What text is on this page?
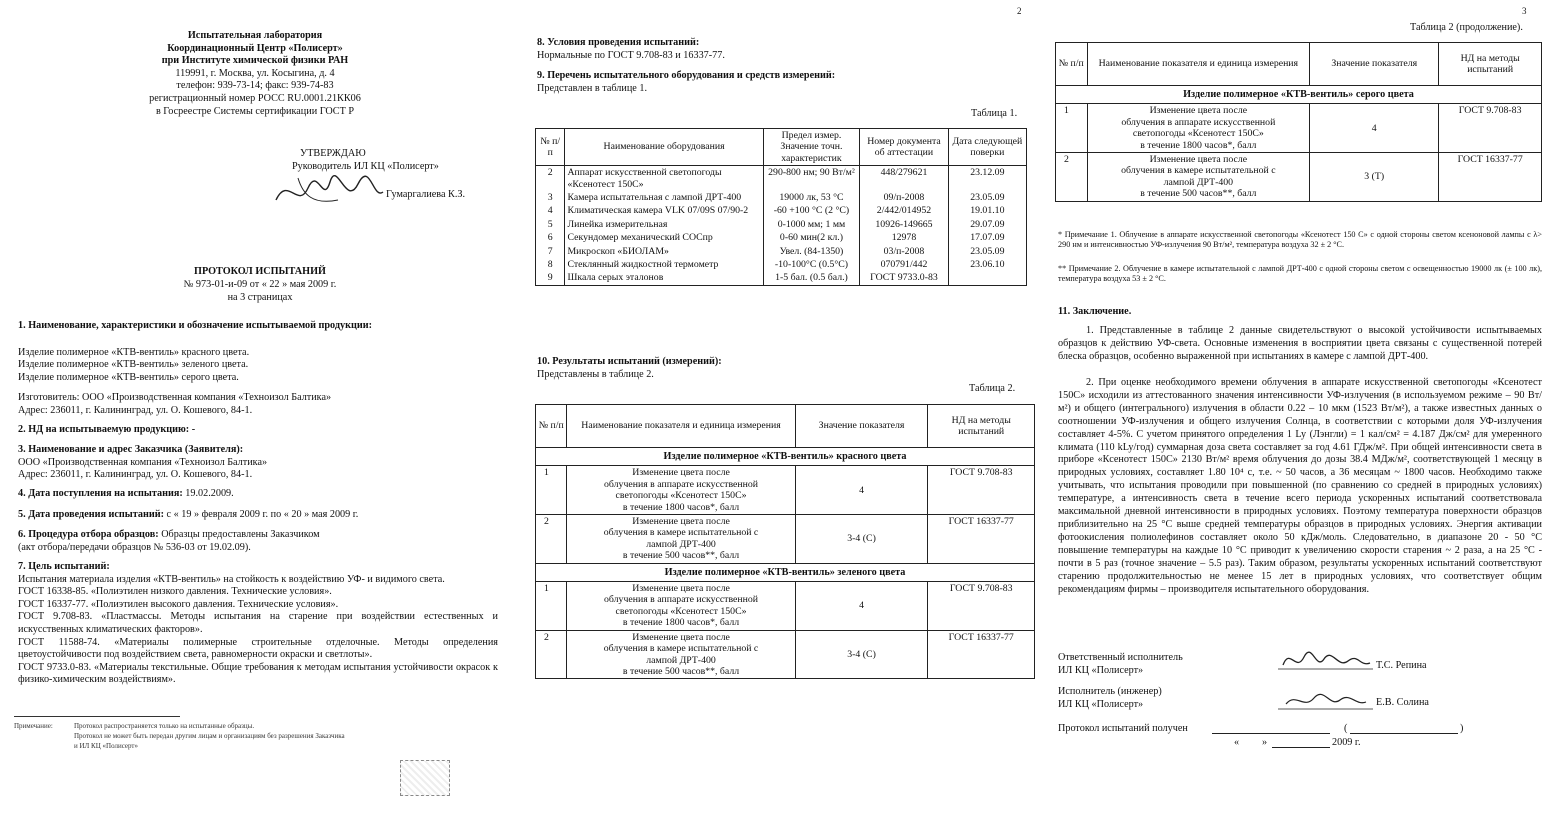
Испытательная лаборатория
Координационный Центр «Полисерт»
при Институте химической физики РАН
119991, г. Москва, ул. Косыгина, д. 4
телефон: 939-73-14; факс: 939-74-83
регистрационный номер РОСС RU.0001.21КК06
в Госреестре Системы сертификации ГОСТ Р
УТВЕРЖДАЮ
Руководитель ИЛ КЦ «Полисерт»
Гумаргалиева К.З.
ПРОТОКОЛ ИСПЫТАНИЙ
№ 973-01-и-09 от « 22 » мая 2009 г.
на 3 страницах
1. Наименование, характеристики и обозначение испытываемой продукции:
Изделие полимерное «КТВ-вентиль» красного цвета.
Изделие полимерное «КТВ-вентиль» зеленого цвета.
Изделие полимерное «КТВ-вентиль» серого цвета.
Изготовитель: ООО «Производственная компания «Техноизол Балтика»
Адрес: 236011, г. Калининград, ул. О. Кошевого, 84-1.
2. НД на испытываемую продукцию: -
3. Наименование и адрес Заказчика (Заявителя):
ООО «Производственная компания «Техноизол Балтика»
Адрес: 236011, г. Калининград, ул. О. Кошевого, 84-1.
4. Дата поступления на испытания: 19.02.2009.
5. Дата проведения испытаний: с « 19 » февраля 2009 г. по « 20 » мая 2009 г.
6. Процедура отбора образцов: Образцы предоставлены Заказчиком
(акт отбора/передачи образцов № 536-03 от 19.02.09).
7. Цель испытаний:
Испытания материала изделия «КТВ-вентиль» на стойкость к воздействию УФ- и видимого света.
ГОСТ 16338-85. «Полиэтилен низкого давления. Технические условия».
ГОСТ 16337-77. «Полиэтилен высокого давления. Технические условия».
ГОСТ 9.708-83. «Пластмассы. Методы испытания на старение при воздействии естественных и искусственных климатических факторов».
ГОСТ 11588-74. «Материалы полимерные строительные отделочные. Методы определения цветоустойчивости под воздействием света, равномерности окраски и светлоты».
ГОСТ 9733.0-83. «Материалы текстильные. Общие требования к методам испытания устойчивости окрасок к физико-химическим воздействиям».
Примечание:	Протокол распространяется только на испытанные образцы.
Протокол не может быть передан другим лицам и организациям без разрешения Заказчика
и ИЛ КЦ «Полисерт»
2
8. Условия проведения испытаний:
Нормальные по ГОСТ 9.708-83 и 16337-77.
9. Перечень испытательного оборудования и средств измерений:
Представлен в таблице 1.
Таблица 1.
№ п/п	Наименование оборудования	Предел измер. Значение точн. характеристик	Номер документа об аттестации	Дата следующей поверки
2	Аппарат искусственной светопогоды «Ксенотест 150С»	290-800 нм; 90 Вт/м²	448/279621	23.12.09
3	Камера испытательная с лампой ДРТ-400	19000 лк, 53 °С	09/п-2008	23.05.09
4	Климатическая камера VLK 07/09S 07/90-2	-60 +100 °С (2 °С)	2/442/014952	19.01.10
5	Линейка измерительная	0-1000 мм; 1 мм	10926-149665	29.07.09
6	Секундомер механический СОСпр	0-60 мин(2 кл.)	12978	17.07.09
7	Микроскоп «БИОЛАМ»	Увел. (84-1350)	03/п-2008	23.05.09
8	Стеклянный жидкостной термометр	-10-100°С (0.5°С)	070791/442	23.06.10
9	Шкала серых эталонов	1-5 бал. (0.5 бал.)	ГОСТ 9733.0-83	
10. Результаты испытаний (измерений):
Представлены в таблице 2.
Таблица 2.
№ п/п	Наименование показателя и единица измерения	Значение показателя	НД на методы испытаний
Изделие полимерное «КТВ-вентиль» красного цвета			
1	Изменение цвета после
облучения в аппарате искусственной
светопогоды «Ксенотест 150С»
в течение 1800 часов*, балл	4	ГОСТ 9.708-83
2	Изменение цвета после
облучения в камере испытательной с
лампой ДРТ-400
в течение 500 часов**, балл	3-4 (С)	ГОСТ 16337-77
Изделие полимерное «КТВ-вентиль» зеленого цвета			
1	Изменение цвета после
облучения в аппарате искусственной
светопогоды «Ксенотест 150С»
в течение 1800 часов*, балл	4	ГОСТ 9.708-83
2	Изменение цвета после
облучения в камере испытательной с
лампой ДРТ-400
в течение 500 часов**, балл	3-4 (С)	ГОСТ 16337-77
3
Таблица 2 (продолжение).
№ п/п	Наименование показателя и единица измерения	Значение показателя	НД на методы испытаний
Изделие полимерное «КТВ-вентиль» серого цвета			
1	Изменение цвета после
облучения в аппарате искусственной
светопогоды «Ксенотест 150С»
в течение 1800 часов*, балл	4	ГОСТ 9.708-83
2	Изменение цвета после
облучения в камере испытательной с
лампой ДРТ-400
в течение 500 часов**, балл	3 (Т)	ГОСТ 16337-77
* Примечание 1. Облучение в аппарате искусственной светопогоды «Ксенотест 150 С» с одной стороны светом ксеноновой лампы с λ> 290 нм и интенсивностью УФ-излучения 90 Вт/м², температура воздуха 32 ± 2 °С.
** Примечание 2. Облучение в камере испытательной с лампой ДРТ-400 с одной стороны светом с освещенностью 19000 лк (± 100 лк), температура воздуха 53 ± 2 °С.
11. Заключение.
1. Представленные в таблице 2 данные свидетельствуют о высокой устойчивости испытываемых образцов к действию УФ-света. Основные изменения в восприятии цвета связаны с существенной потерей блеска образцов, особенно выраженной при испытаниях в камере с лампой ДРТ-400.
2. При оценке необходимого времени облучения в аппарате искусственной светопогоды «Ксенотест 150С» исходили из аттестованного значения интенсивности УФ-излучения (в используемом режиме – 90 Вт/м²) и общего (интегрального) излучения в области 0.22 – 10 мкм (1523 Вт/м²), а также известных данных о соотношении УФ-излучения и общего излучения Солнца, в соответствии с которыми доля УФ-излучения составляет 4-5%. С учетом принятого определения 1 Ly (Лэнгли) = 1 кал/см² = 4.187 Дж/см² для умеренного климата (110 kLy/год) суммарная доза света составляет за год 4.61 ГДж/м². При общей интенсивности света в приборе «Ксенотест 150С» 2130 Вт/м² время облучения до дозы 38.4 МДж/м², соответствующей 1 месяцу в природных условиях, составляет 1.80 10⁴ с, т.е. ~ 50 часов, а 36 месяцам ~ 1800 часов. Необходимо также учитывать, что испытания проводили при повышенной (по сравнению со средней в природных условиях) температуре, а интенсивность света в течение всего периода ускоренных испытаний соответствовала максимальной дневной интенсивности в природных условиях. Поэтому температура поверхности образцов приблизительно на 25 °С выше средней температуры образцов в природных условиях. Энергия активации фотоокисления полиолефинов составляет около 50 кДж/моль. Следовательно, в диапазоне 20 - 50 °С повышение температуры на каждые 10 °С приводит к увеличению скорости старения ~ 2 раза, а на 25 °С - почти в 5 раз (точное значение – 5.5 раз). Таким образом, результаты ускоренных испытаний соответствуют старению продолжительностью не менее 15 лет в природных условиях, что соответствует общим рекомендациям фирмы – производителя испытательного оборудования.
Ответственный исполнитель
ИЛ КЦ «Полисерт»	Т.С. Репина
Исполнитель (инженер)
ИЛ КЦ «Полисерт»	Е.В. Солина
Протокол испытаний получен	(	)
« »	2009 г.
